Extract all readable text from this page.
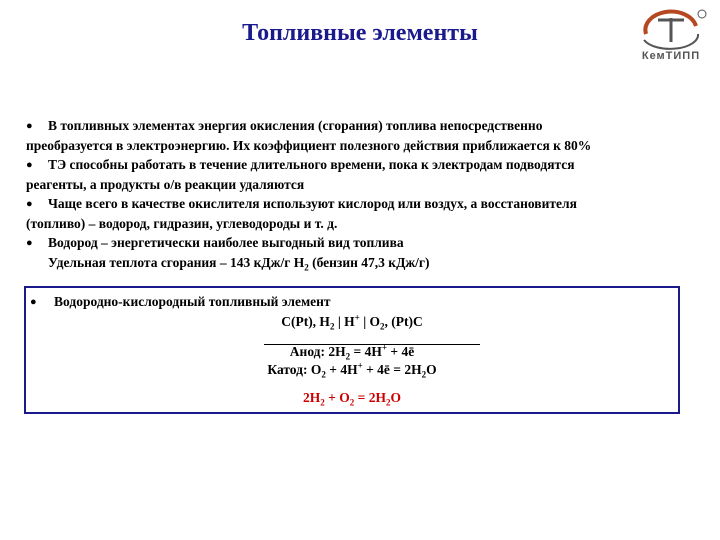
Топливные элементы
КемТИПП
● В топливных элементах энергия окисления (сгорания) топлива непосредственно
преобразуется в электроэнергию. Их коэффициент полезного действия приближается к 80%
● ТЭ способны работать в течение длительного времени, пока к электродам подводятся
реагенты, а продукты о/в реакции удаляются
● Чаще всего в качестве окислителя используют кислород или воздух, а восстановителя
(топливо) – водород, гидразин, углеводороды и т. д.
● Водород – энергетически наиболее выгодный вид топлива
Удельная теплота сгорания – 143 кДж/г $Н_2$ (бензин 47,3 кДж/г)
● Водородно-кислородный топливный элемент
С(Pt), $Н_2$ | Н+ | $О_2$, (Pt)С
Анод: $2Н_2 = 4Н^+$ + 4ē
Катод: $О_2 + 4Н^+$ + 4ē = $2Н_2О$
$2Н_2 + О_2 = 2Н_2О$
